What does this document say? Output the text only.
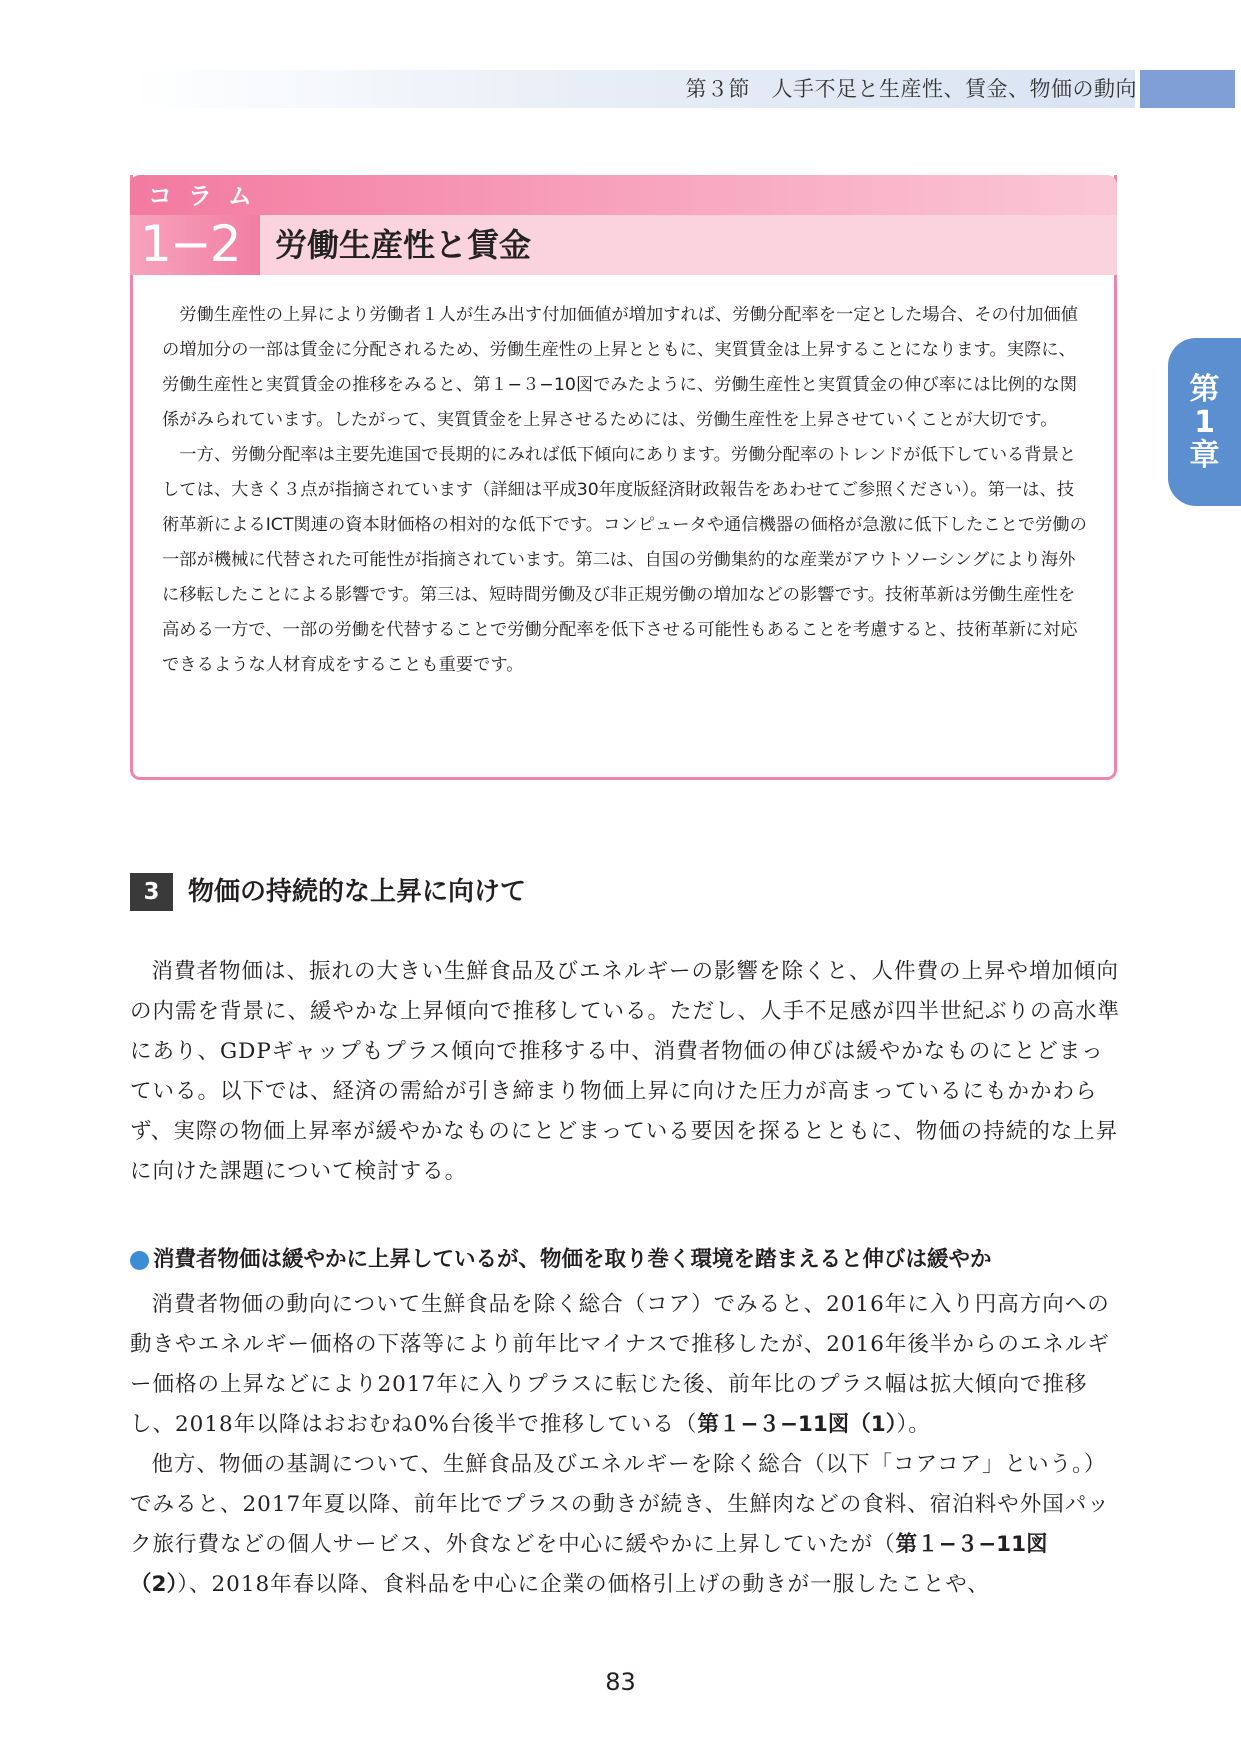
第３節　人手不足と生産性、賃金、物価の動向
第
1
章
コラム
1−2 労働生産性と賃金

労働生産性の上昇により労働者１人が生み出す付加価値が増加すれば、労働分配率を一定とした場合、その付加価値の増加分の一部は賃金に分配されるため、労働生産性の上昇とともに、実質賃金は上昇することになります。実際に、労働生産性と実質賃金の推移をみると、第１−３−10図でみたように、労働生産性と実質賃金の伸び率には比例的な関係がみられています。したがって、実質賃金を上昇させるためには、労働生産性を上昇させていくことが大切です。

一方、労働分配率は主要先進国で長期的にみれば低下傾向にあります。労働分配率のトレンドが低下している背景としては、大きく３点が指摘されています（詳細は平成30年度版経済財政報告をあわせてご参照ください）。第一は、技術革新によるICT関連の資本財価格の相対的な低下です。コンピュータや通信機器の価格が急激に低下したことで労働の一部が機械に代替された可能性が指摘されています。第二は、自国の労働集約的な産業がアウトソーシングにより海外に移転したことによる影響です。第三は、短時間労働及び非正規労働の増加などの影響です。技術革新は労働生産性を高める一方で、一部の労働を代替することで労働分配率を低下させる可能性もあることを考慮すると、技術革新に対応できるような人材育成をすることも重要です。

3	物価の持続的な上昇に向けて

消費者物価は、振れの大きい生鮮食品及びエネルギーの影響を除くと、人件費の上昇や増加傾向の内需を背景に、緩やかな上昇傾向で推移している。ただし、人手不足感が四半世紀ぶりの高水準にあり、GDPギャップもプラス傾向で推移する中、消費者物価の伸びは緩やかなものにとどまっている。以下では、経済の需給が引き締まり物価上昇に向けた圧力が高まっているにもかかわらず、実際の物価上昇率が緩やかなものにとどまっている要因を探るとともに、物価の持続的な上昇に向けた課題について検討する。

消費者物価は緩やかに上昇しているが、物価を取り巻く環境を踏まえると伸びは緩やか

消費者物価の動向について生鮮食品を除く総合（コア）でみると、2016年に入り円高方向への動きやエネルギー価格の下落等により前年比マイナスで推移したが、2016年後半からのエネルギー価格の上昇などにより2017年に入りプラスに転じた後、前年比のプラス幅は拡大傾向で推移し、2018年以降はおおむね0%台後半で推移している（第１−３−11図（1））。

他方、物価の基調について、生鮮食品及びエネルギーを除く総合（以下「コアコア」という。）でみると、2017年夏以降、前年比でプラスの動きが続き、生鮮肉などの食料、宿泊料や外国パック旅行費などの個人サービス、外食などを中心に緩やかに上昇していたが（第１−３−11図（2））、2018年春以降、食料品を中心に企業の価格引上げの動きが一服したことや、

83
